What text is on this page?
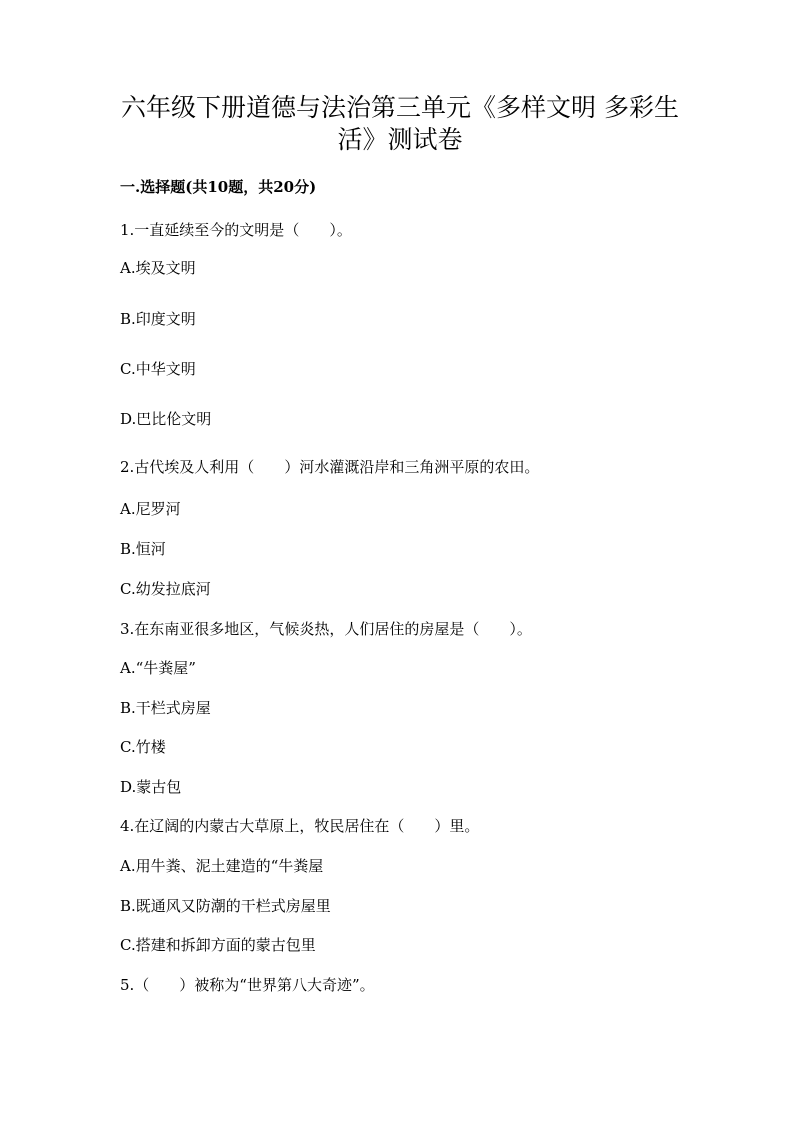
六年级下册道德与法治第三单元《多样文明 多彩生活》测试卷
一.选择题(共10题，共20分)
1.一直延续至今的文明是（　　）。
A.埃及文明
B.印度文明
C.中华文明
D.巴比伦文明
2.古代埃及人利用（　　）河水灌溉沿岸和三角洲平原的农田。
A.尼罗河
B.恒河
C.幼发拉底河
3.在东南亚很多地区，气候炎热，人们居住的房屋是（　　）。
A.“牛粪屋”
B.干栏式房屋
C.竹楼
D.蒙古包
4.在辽阔的内蒙古大草原上，牧民居住在（　　）里。
A.用牛粪、泥土建造的“牛粪屋
B.既通风又防潮的干栏式房屋里
C.搭建和拆卸方面的蒙古包里
5.（　　）被称为“世界第八大奇迹”。
